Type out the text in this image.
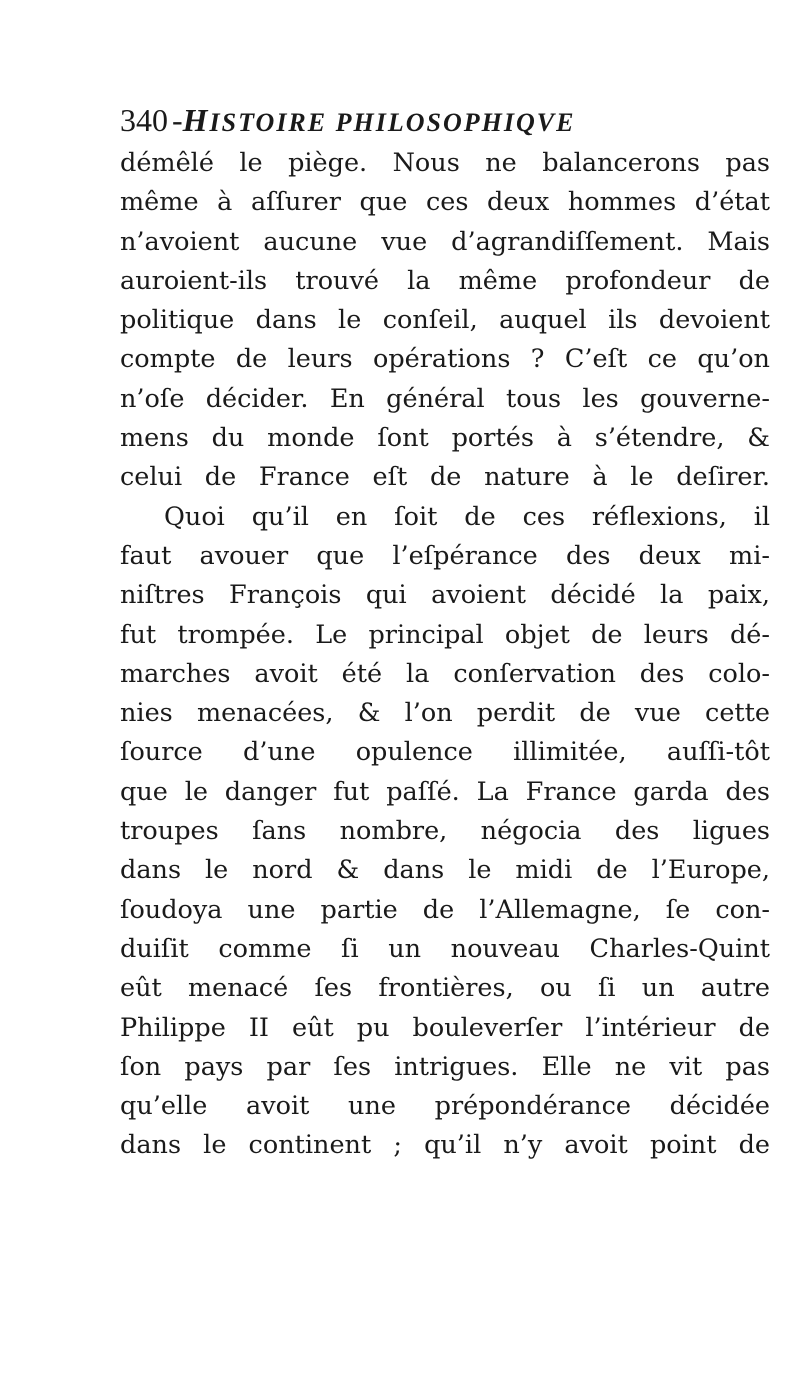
340 -HISTOIRE PHILOSOPHIQVE
démêlé le piège. Nous ne balancerons pas
même à aſſurer que ces deux hommes d’état
n’avoient aucune vue d’agrandiſſement. Mais
auroient-ils trouvé la même profondeur de
politique dans le conſeil, auquel ils devoient
compte de leurs opérations ? C’eſt ce qu’on
n’oſe décider. En général tous les gouverne-
mens du monde ſont portés à s’étendre, &
celui de France eſt de nature à le deſirer.
Quoi qu’il en ſoit de ces réflexions, il
faut avouer que l’eſpérance des deux mi-
niſtres François qui avoient décidé la paix,
fut trompée. Le principal objet de leurs dé-
marches avoit été la conſervation des colo-
nies menacées, & l’on perdit de vue cette
ſource d’une opulence illimitée, auſſi-tôt
que le danger fut paſſé. La France garda des
troupes ſans nombre, négocia des ligues
dans le nord & dans le midi de l’Europe,
ſoudoya une partie de l’Allemagne, ſe con-
duiſit comme ſi un nouveau Charles-Quint
eût menacé ſes frontières, ou ſi un autre
Philippe II eût pu bouleverſer l’intérieur de
ſon pays par ſes intrigues. Elle ne vit pas
qu’elle avoit une prépondérance décidée
dans le continent ; qu’il n’y avoit point de
